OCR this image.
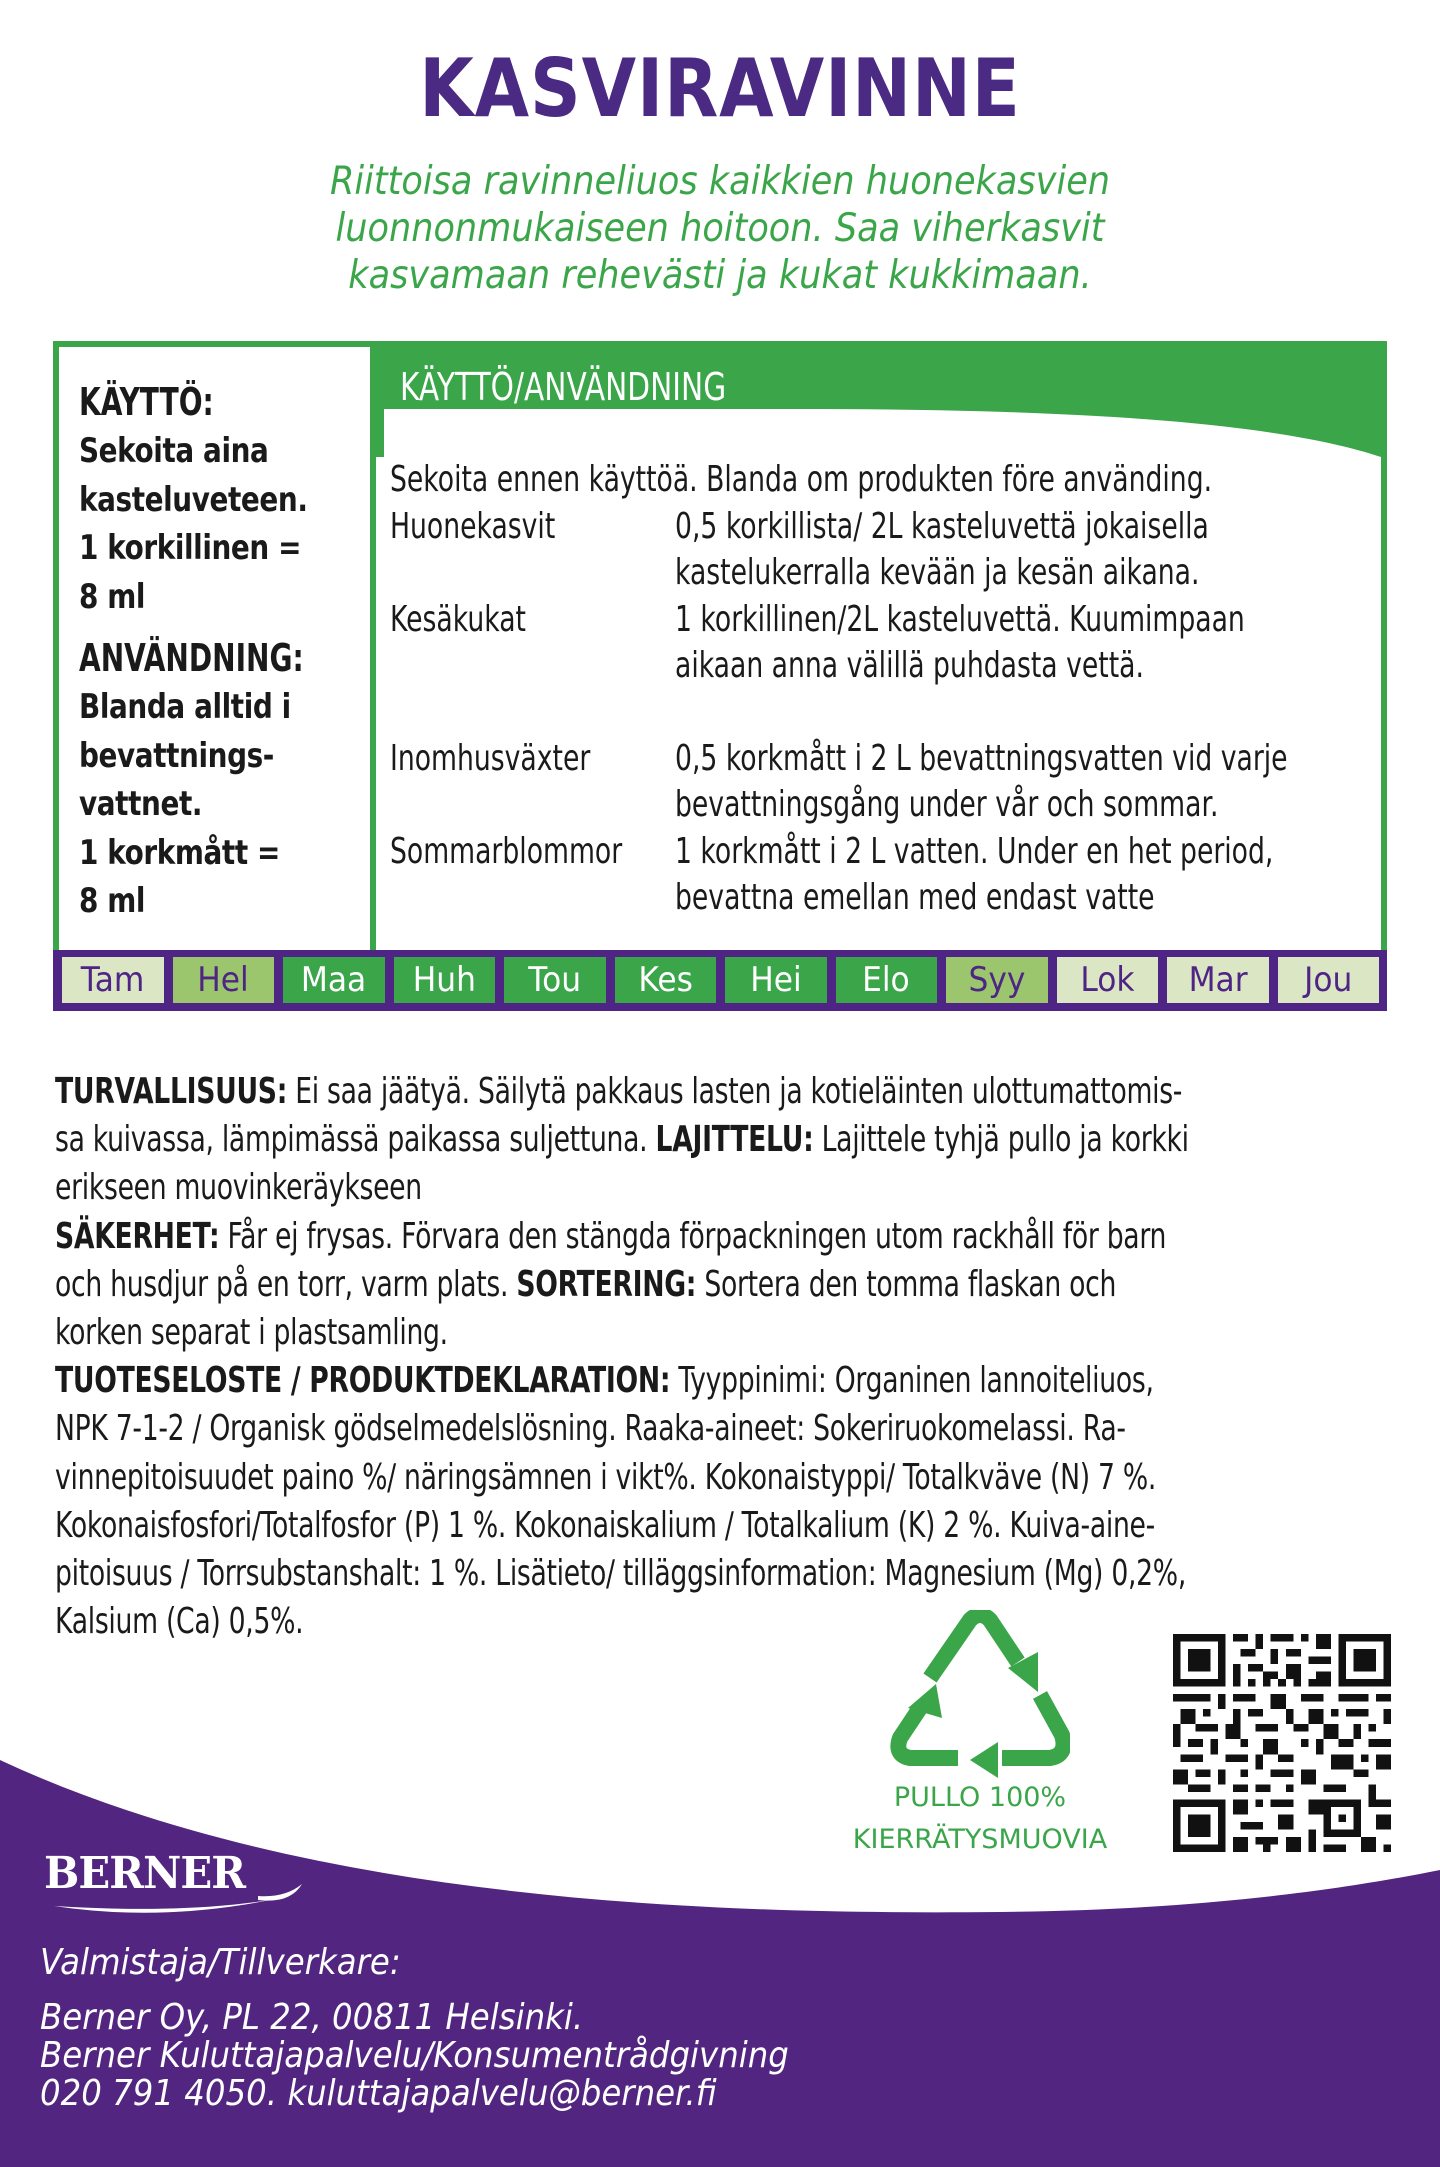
KASVIRAVINNE
Riittoisa ravinneliuos kaikkien huonekasvien
luonnonmukaiseen hoitoon. Saa viherkasvit
kasvamaan rehevästi ja kukat kukkimaan.
KÄYTTÖ:
Sekoita aina
kasteluveteen.
1 korkillinen =
8 ml
ANVÄNDNING:
Blanda alltid i
bevattnings-
vattnet.
1 korkmått =
8 ml
KÄYTTÖ/ANVÄNDNING
Sekoita ennen käyttöä. Blanda om produkten före använding.
Huonekasvit	0,5 korkillista/ 2L kasteluvettä jokaisella
kastelukerralla kevään ja kesän aikana.
Kesäkukat	1 korkillinen/2L kasteluvettä. Kuumimpaan
aikaan anna välillä puhdasta vettä.
Inomhusväxter 0,5 korkmått i 2 L bevattningsvatten vid varje
bevattningsgång under vår och sommar.
Sommarblommor 1 korkmått i 2 L vatten. Under en het period,
bevattna emellan med endast vatte
Tam Hel Maa Huh Tou Kes Hei Elo Syy Lok Mar Jou
TURVALLISUUS: Ei saa jäätyä. Säilytä pakkaus lasten ja kotieläinten ulottumattomis-
sa kuivassa, lämpimässä paikassa suljettuna. LAJITTELU: Lajittele tyhjä pullo ja korkki
erikseen muovinkeräykseen
SÄKERHET: Får ej frysas. Förvara den stängda förpackningen utom rackhåll för barn
och husdjur på en torr, varm plats. SORTERING: Sortera den tomma flaskan och
korken separat i plastsamling.
TUOTESELOSTE / PRODUKTDEKLARATION: Tyyppinimi: Organinen lannoiteliuos,
NPK 7-1-2 / Organisk gödselmedelslösning. Raaka-aineet: Sokeriruokomelassi. Ra-
vinnepitoisuudet paino %/ näringsämnen i vikt%. Kokonaistyppi/ Totalkväve (N) 7 %.
Kokonaisfosfori/Totalfosfor (P) 1 %. Kokonaiskalium / Totalkalium (K) 2 %. Kuiva-aine-
pitoisuus / Torrsubstanshalt: 1 %. Lisätieto/ tilläggsinformation: Magnesium (Mg) 0,2%,
Kalsium (Ca) 0,5%.
PULLO 100%
KIERRÄTYSMUOVIA
BERNER
Valmistaja/Tillverkare:
Berner Oy, PL 22, 00811 Helsinki.
Berner Kuluttajapalvelu/Konsumentrådgivning
020 791 4050. kuluttajapalvelu@berner.fi
